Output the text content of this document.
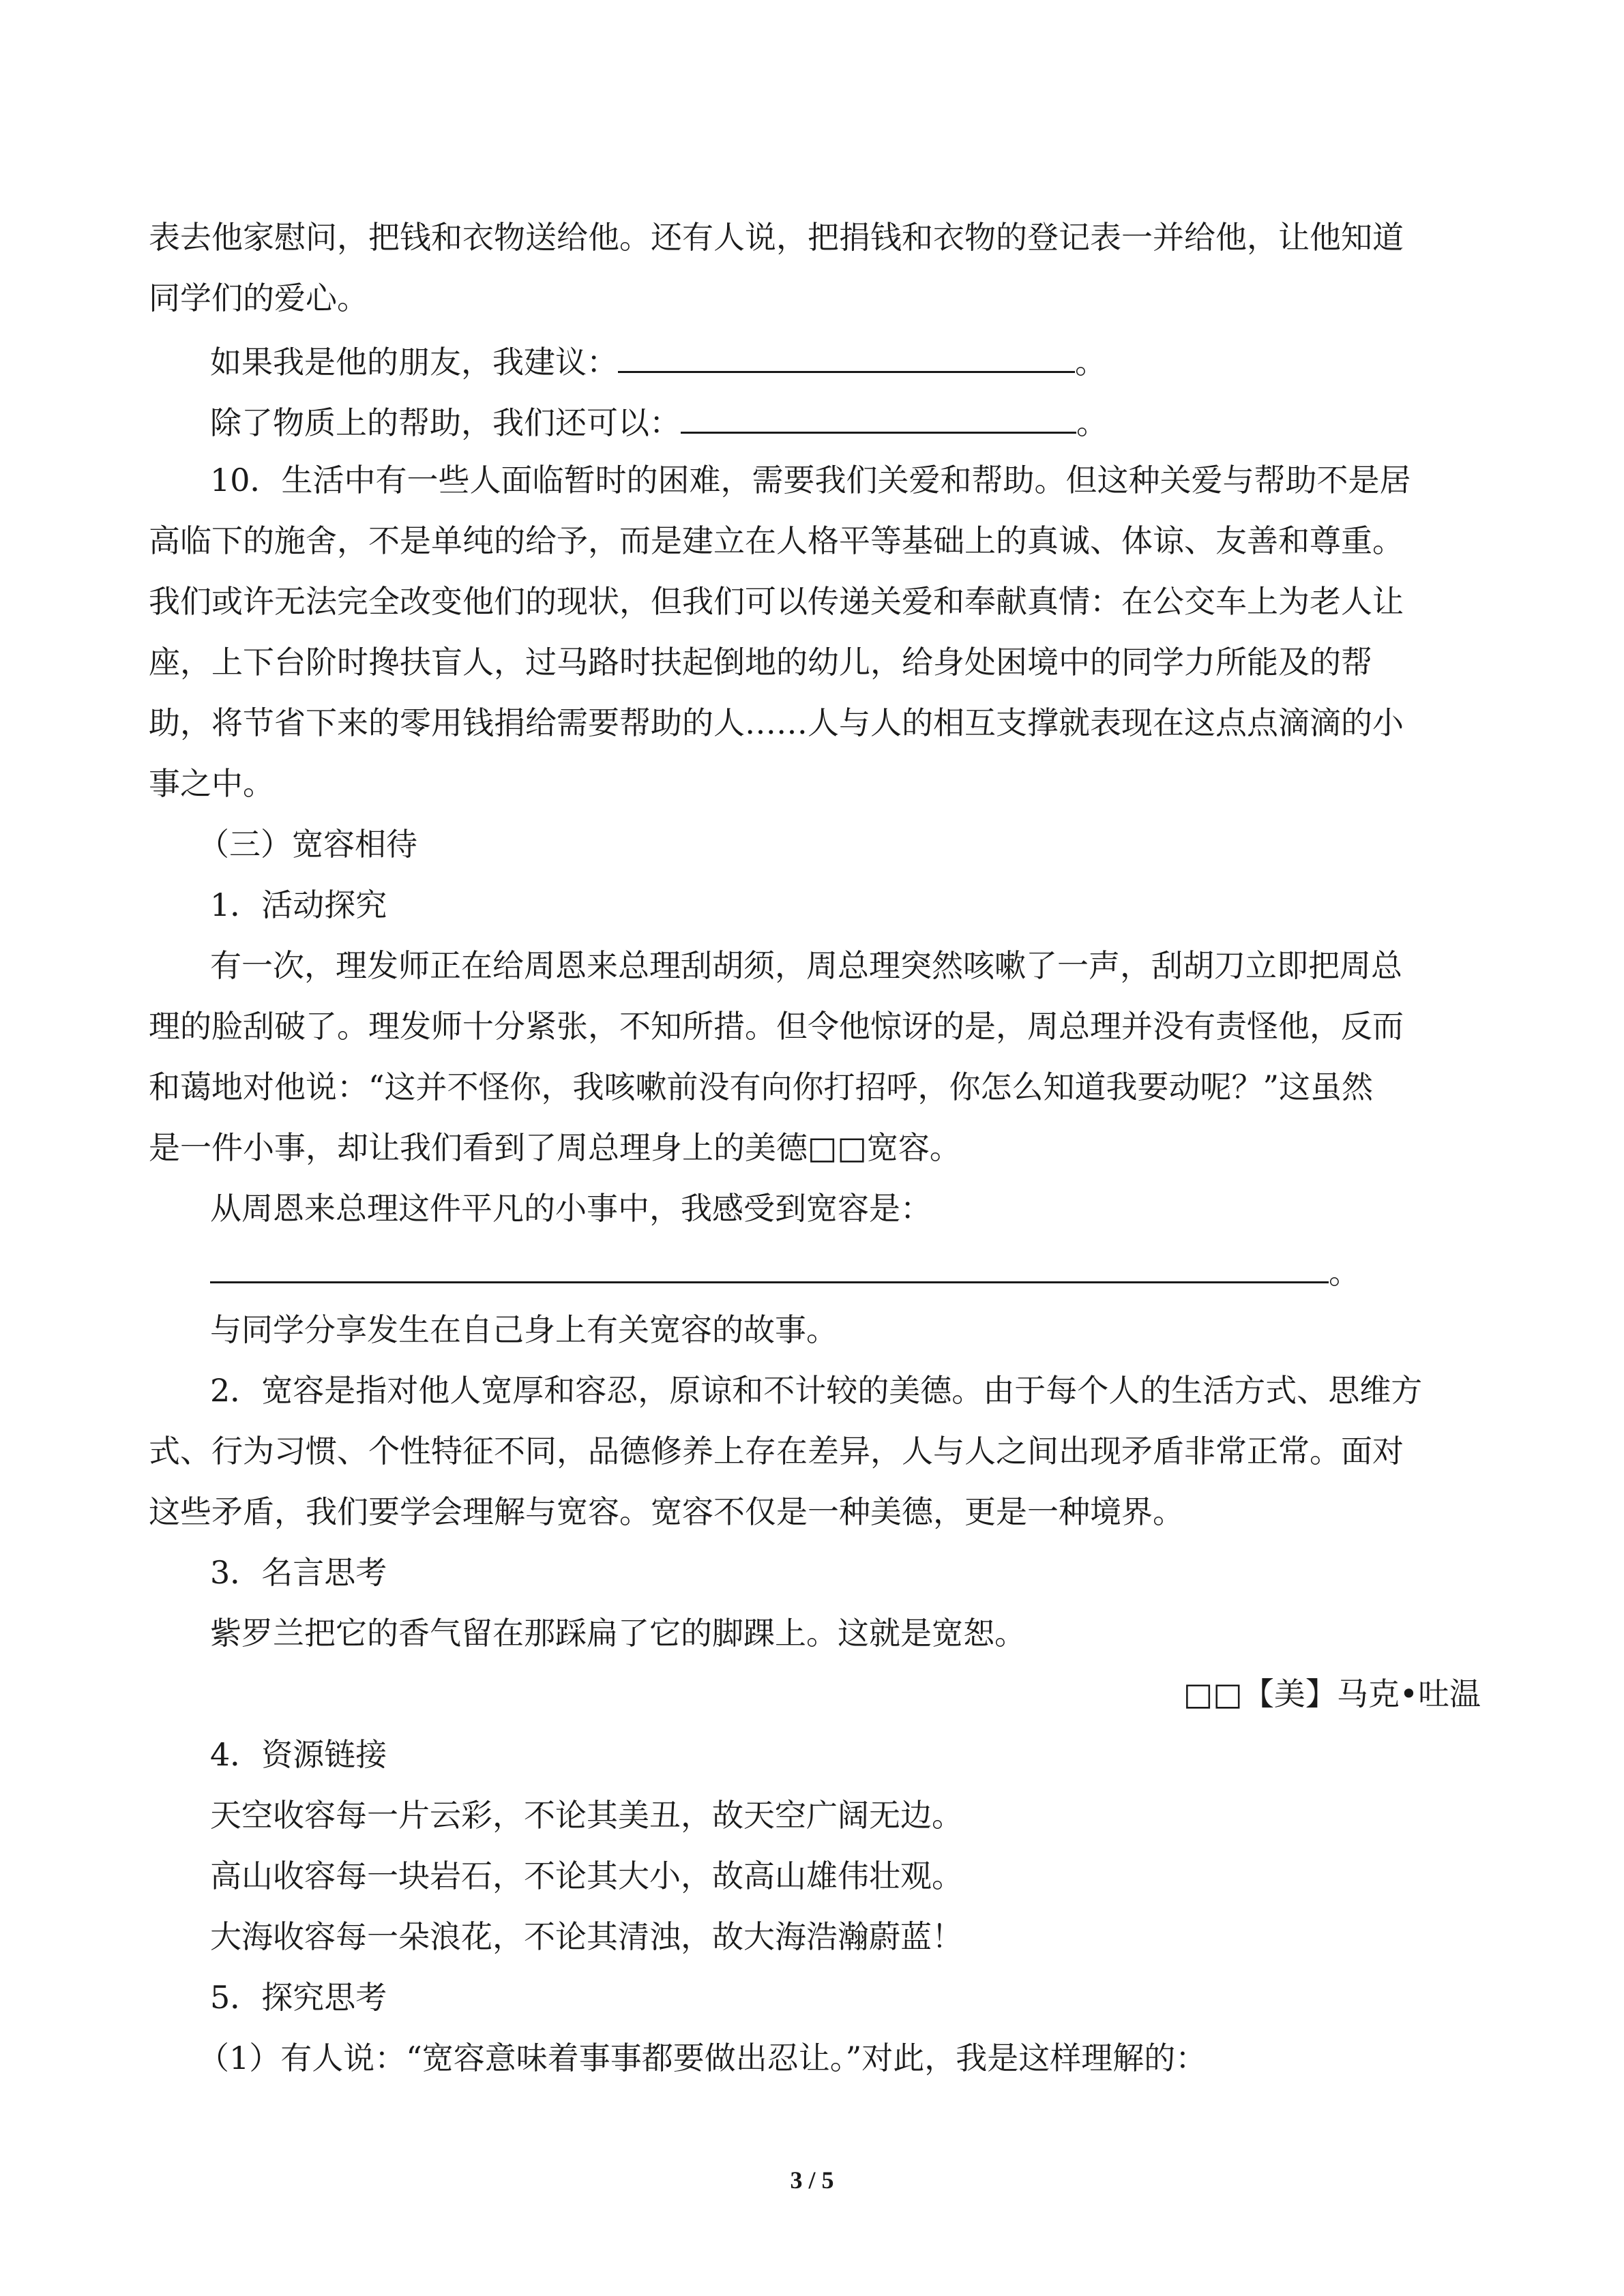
表去他家慰问，把钱和衣物送给他。还有人说，把捐钱和衣物的登记表一并给他，让他知道
同学们的爱心。
如果我是他的朋友，我建议：	。
除了物质上的帮助，我们还可以：	。
10．生活中有一些人面临暂时的困难，需要我们关爱和帮助。但这种关爱与帮助不是居
高临下的施舍，不是单纯的给予，而是建立在人格平等基础上的真诚、体谅、友善和尊重。
我们或许无法完全改变他们的现状，但我们可以传递关爱和奉献真情：在公交车上为老人让
座，上下台阶时搀扶盲人，过马路时扶起倒地的幼儿，给身处困境中的同学力所能及的帮
助，将节省下来的零用钱捐给需要帮助的人……人与人的相互支撑就表现在这点点滴滴的小
事之中。
（三）宽容相待
1．活动探究
有一次，理发师正在给周恩来总理刮胡须，周总理突然咳嗽了一声，刮胡刀立即把周总
理的脸刮破了。理发师十分紧张，不知所措。但令他惊讶的是，周总理并没有责怪他，反而
和蔼地对他说：“这并不怪你，我咳嗽前没有向你打招呼，你怎么知道我要动呢？”这虽然
是一件小事，却让我们看到了周总理身上的美德□□宽容。
从周恩来总理这件平凡的小事中，我感受到宽容是：
。
与同学分享发生在自己身上有关宽容的故事。
2．宽容是指对他人宽厚和容忍，原谅和不计较的美德。由于每个人的生活方式、思维方
式、行为习惯、个性特征不同，品德修养上存在差异，人与人之间出现矛盾非常正常。面对
这些矛盾，我们要学会理解与宽容。宽容不仅是一种美德，更是一种境界。
3．名言思考
紫罗兰把它的香气留在那踩扁了它的脚踝上。这就是宽恕。
□□【美】马克•吐温
4．资源链接
天空收容每一片云彩，不论其美丑，故天空广阔无边。
高山收容每一块岩石，不论其大小，故高山雄伟壮观。
大海收容每一朵浪花，不论其清浊，故大海浩瀚蔚蓝！
5．探究思考
（1）有人说：“宽容意味着事事都要做出忍让。”对此，我是这样理解的：
3 / 5
